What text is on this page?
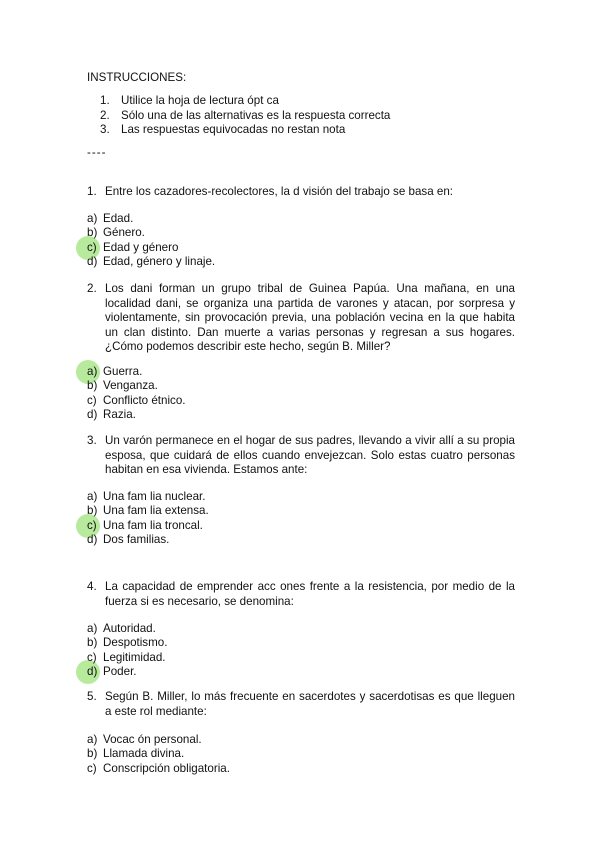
INSTRUCCIONES:
1. Utilice la hoja de lectura ópt ca
2. Sólo una de las alternativas es la respuesta correcta
3. Las respuestas equivocadas no restan nota
----
1. Entre los cazadores-recolectores, la d visión del trabajo se basa en:
a) Edad.
b) Género.
c) Edad y género
d) Edad, género y linaje.
2. Los dani forman un grupo tribal de Guinea Papúa. Una mañana, en una localidad dani, se organiza una partida de varones y atacan, por sorpresa y violentamente, sin provocación previa, una población vecina en la que habita un clan distinto. Dan muerte a varias personas y regresan a sus hogares. ¿Cómo podemos describir este hecho, según B. Miller?
a) Guerra.
b) Venganza.
c) Conflicto étnico.
d) Razia.
3. Un varón permanece en el hogar de sus padres, llevando a vivir allí a su propia esposa, que cuidará de ellos cuando envejezcan. Solo estas cuatro personas habitan en esa vivienda. Estamos ante:
a) Una fam lia nuclear.
b) Una fam lia extensa.
c) Una fam lia troncal.
d) Dos familias.
4. La capacidad de emprender acc ones frente a la resistencia, por medio de la fuerza si es necesario, se denomina:
a) Autoridad.
b) Despotismo.
c) Legitimidad.
d) Poder.
5. Según B. Miller, lo más frecuente en sacerdotes y sacerdotisas es que lleguen a este rol mediante:
a) Vocac ón personal.
b) Llamada divina.
c) Conscripción obligatoria.
